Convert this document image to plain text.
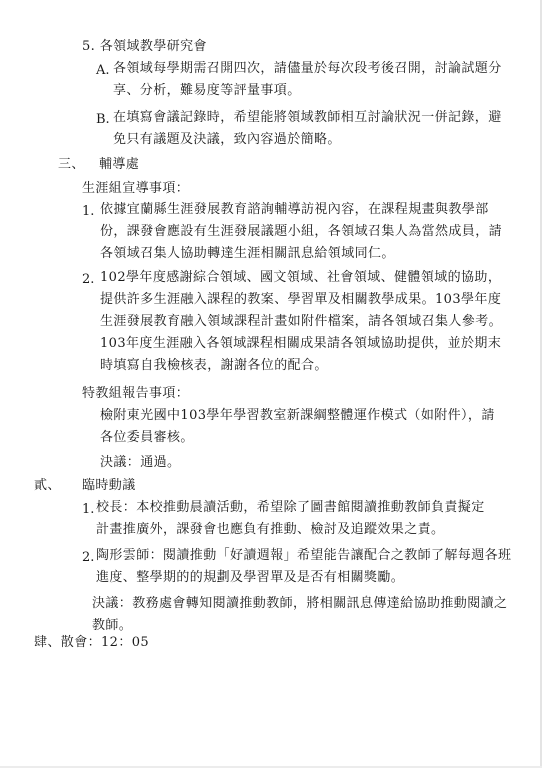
5. 各領域教學研究會
A. 各領域每學期需召開四次，請儘量於每次段考後召開，討論試題分享、分析，難易度等評量事項。
B. 在填寫會議記錄時，希望能將領域教師相互討論狀況一併記錄，避免只有議題及決議，致內容過於簡略。
三、 輔導處
生涯組宣導事項：
1. 依據宜蘭縣生涯發展教育諮詢輔導訪視內容，在課程規畫與教學部份，課發會應設有生涯發展議題小組，各領域召集人為當然成員，請各領域召集人協助轉達生涯相關訊息給領域同仁。
2. 102學年度感謝綜合領域、國文領域、社會領域、健體領域的協助，提供許多生涯融入課程的教案、學習單及相關教學成果。103學年度生涯發展教育融入領域課程計畫如附件檔案，請各領域召集人參考。103年度生涯融入各領域課程相關成果請各領域協助提供，並於期末時填寫自我檢核表，謝謝各位的配合。
特教組報告事項：
檢附東光國中103學年學習教室新課綱整體運作模式（如附件），請各位委員審核。
決議：通過。
貳、 臨時動議
1. 校長：本校推動晨讀活動，希望除了圖書館閱讀推動教師負責擬定計畫推廣外，課發會也應負有推動、檢討及追蹤效果之責。
2. 陶形雲師：閱讀推動「好讀週報」希望能告讓配合之教師了解每週各班進度、整學期的的規劃及學習單及是否有相關獎勵。
決議：教務處會轉知閱讀推動教師，將相關訊息傳達給協助推動閱讀之教師。
肆、散會：12：05
